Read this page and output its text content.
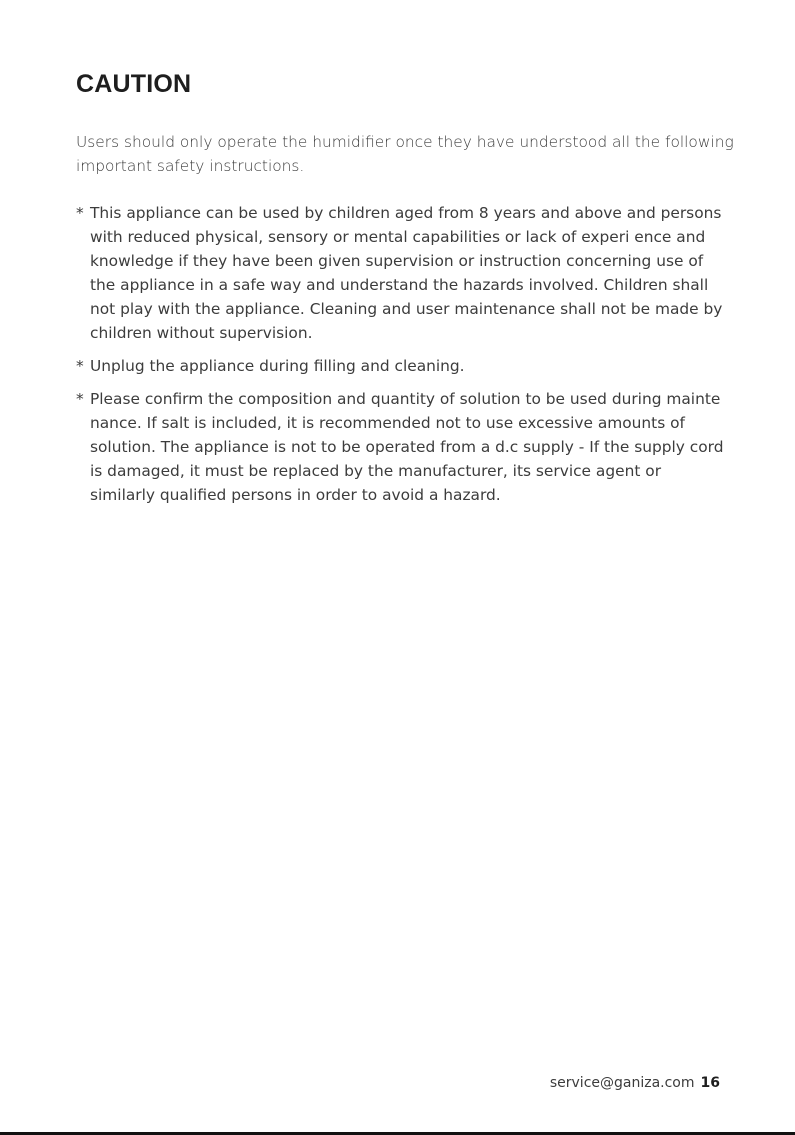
CAUTION

Users should only operate the humidifier once they have understood all the following important safety instructions.

* This appliance can be used by children aged from 8 years and above and persons with reduced physical, sensory or mental capabilities or lack of experi ence and knowledge if they have been given supervision or instruction concerning use of the appliance in a safe way and understand the hazards involved. Children shall not play with the appliance. Cleaning and user maintenance shall not be made by children without supervision.
* Unplug the appliance during filling and cleaning.
* Please confirm the composition and quantity of solution to be used during mainte nance. If salt is included, it is recommended not to use excessive amounts of solution. The appliance is not to be operated from a d.c supply - If the supply cord is damaged, it must be replaced by the manufacturer, its service agent or similarly qualified persons in order to avoid a hazard.
service@ganiza.com 16
